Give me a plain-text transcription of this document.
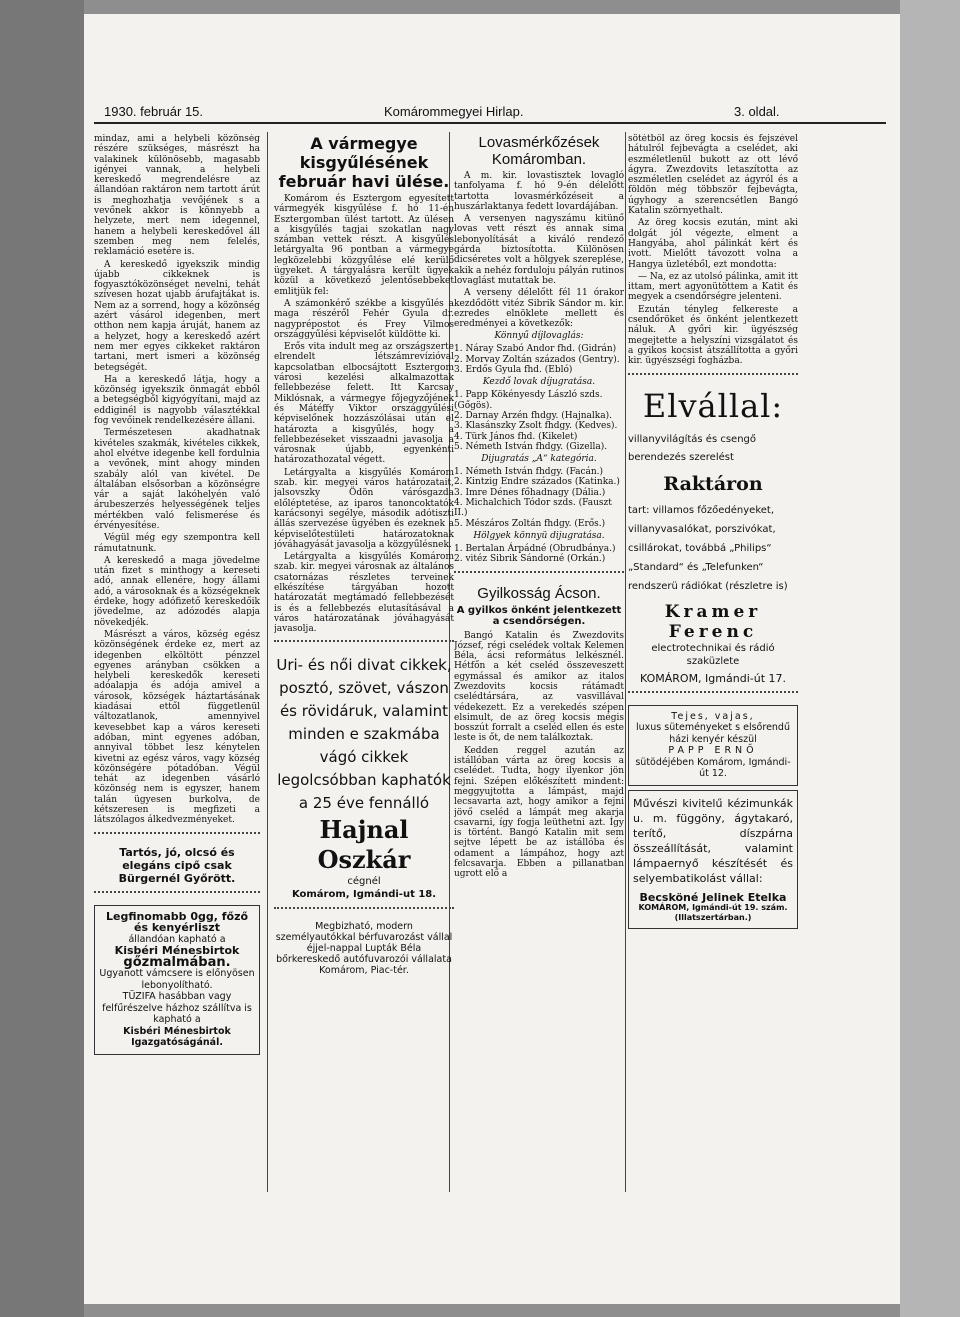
1930. február 15.	Komárommegyei Hirlap.	3. oldal.

mindaz, ami a helybeli közönség részére szükséges, másrészt ha valakinek különösebb, magasabb igényei vannak, a helybeli kereskedő megrendelésre az állandóan raktáron nem tartott árút is meghozhatja vevőjének s a vevőnek akkor is könnyebb a helyzete, mert nem idegennel, hanem a helybeli kereskedővel áll szemben meg nem felelés, reklamáció esetére is.

A kereskedő igyekszik mindig újabb cikkeknek is fogyasztóközönséget nevelni, tehát szívesen hozat ujabb árufajtákat is. Nem az a sorrend, hogy a közönség azért vásárol idegenben, mert otthon nem kapja áruját, hanem az a helyzet, hogy a kereskedő azért nem mer egyes cikkeket raktáron tartani, mert ismeri a közönség betegségét.

Ha a kereskedő látja, hogy a közönség igyekszik önmagát ebből a betegségből kigyógyítani, majd az eddiginél is nagyobb választékkal fog vevőinek rendelkezésére állani.

Természetesen akadhatnak kivételes szakmák, kivételes cikkek, ahol elvétve idegenbe kell fordulnia a vevőnek, mint ahogy minden szabály alól van kivétel. De általában elsősorban a közönségre vár a saját lakóhelyén való árubeszerzés helyességének teljes mértékben való felismerése és érvényesítése.

Végül még egy szempontra kell rámutatnunk.

A kereskedő a maga jövedelme után fizet s minthogy a kereseti adó, annak ellenére, hogy állami adó, a városoknak és a községeknek érdeke, hogy adófizető kereskedőik jövedelme, az adózodés alapja növekedjék.

Másrészt a város, község egész közönségének érdeke ez, mert az idegenben elköltött pénzzel egyenes arányban csökken a helybeli kereskedők kereseti adóalapja és adója amivel a városok, községek háztartásának kiadásai ettől függetlenül változatlanok, amennyivel kevesebbet kap a város kereseti adóban, mint egyenes adóban, annyival többet lesz kénytelen kivetni az egész város, vagy község közönségére pótadóban. Végül tehát az idegenben vásárló közönség nem is egyszer, hanem talán ügyesen burkolva, de kétszeresen is megfizeti a látszólagos álkedvezményeket.

Tartós, jó, olcsó és elegáns cipő csak Bürgernél Győrött.
Legfinomabb 0gg, főző és kenyérliszt
állandóan kapható a
Kisbéri Ménesbirtok
gőzmalmában.
Ugyanott vámcsere is előnyösen lebonyolítható.
TÜZIFA hasábban vagy felfűrészelve házhoz szállítva is kapható a
Kisbéri Ménesbirtok Igazgatóságánál.
A vármegye kisgyűlésének február havi ülése.

Komárom és Esztergom egyesített vármegyék kisgyűlése f. hó 11-én Esztergomban ülést tartott. Az ülésen a kisgyűlés tagjai szokatlan nagy számban vettek részt. A kisgyűlés letárgyalta 96 pontban a vármegye legközelebbi közgyűlése elé kerülő ügyeket. A tárgyalásra került ügyek közül a következő jelentősebbeket emlitjük fel:

A számonkérő székbe a kisgyűlés a maga részéről Fehér Gyula dr. nagyprépostot és Frey Vilmos országgyűlési képviselőt küldötte ki.

Erős vita indult meg az országszerte elrendelt létszámrevízióval kapcsolatban elbocsájtott Esztergom városi kezelési alkalmazottak fellebbezése felett. Itt Karcsay Miklósnak, a vármegye főjegyzőjének és Mátéffy Viktor országgyűlési képviselőnek hozzászólásai után el határozta a kisgyűlés, hogy a fellebbezéseket visszaadni javasolja a városnak újabb, egyenkénti határozathozatal végett.

Letárgyalta a kisgyűlés Komárom szab. kir. megyei város határozatait, jalsovszky Ödön várósgazda előléptetése, az iparos tanoncoktatók karácsonyi segélye, második adótiszti állás szervezése ügyében és ezeknek a képviselőtestületi határozatoknak jóváhagyását javasolja a közgyűlésnek.

Letárgyalta a kisgyűlés Komárom szab. kir. megyei városnak az általános csatornázas részletes terveinek elkészítése tárgyában hozott határozatát megtámadó fellebbezését is és a fellebbezés elutasításával a város határozatának jóváhagyását javasolja.

Uri- és női divat cikkek, posztó, szövet, vászon és rövidáruk, valamint minden e szakmába vágó cikkek legolcsóbban kaphatók a 25 éve fennálló
Hajnal Oszkár
cégnél
Komárom, Igmándi-ut 18.
Megbizható, modern személyautókkal bérfuvarozást vállal éjjel-nappal Lupták Béla bőrkereskedő autófuvarozói vállalata Komárom, Piac-tér.
Lovasmérkőzések Komáromban.

A m. kir. lovastisztek lovagló tanfolyama f. hó 9-én délelőtt tartotta lovasmérkőzéseit a huszárlaktanya fedett lovardájában.

A versenyen nagyszámu kitünő lovas vett részt és annak sima lebonyolítását a kiváló rendező gárda biztosította. Különösen dicséretes volt a hölgyek szereplése, akik a nehéz forduloju pályán rutinos lovaglást mutattak be.

A verseny délelőtt fél 11 órakor kezdődött vitéz Sibrik Sándor m. kir. ezredes elnöklete mellett és eredményei a következők:

Könnyű díjlovaglás:
1. Náray Szabó Andor fhd. (Gidrán)
2. Morvay Zoltán százados (Gentry).
3. Erdős Gyula fhd. (Ebló)
Kezdő lovak díjugratása.
1. Papp Kökényesdy László szds. (Gőgös).
2. Darnay Arzén fhdgy. (Hajnalka).
3. Klasánszky Zsolt fhdgy. (Kedves).
4. Türk János fhd. (Kikelet)
5. Németh István fhdgy. (Gizella).
Dijugratás „A“ kategória.
1. Németh István fhdgy. (Facán.)
2. Kintzig Endre százados (Katinka.)
3. Imre Dénes főhadnagy (Dália.)
4. Michalchich Tódor szds. (Fauszt II.)
5. Mészáros Zoltán fhdgy. (Erős.)
Hölgyek könnyü dijugratása.
1. Bertalan Árpádné (Obrudbánya.)
2. vitéz Sibrik Sándorné (Orkán.)
Gyilkosság Ácson.
A gyilkos önként jelentkezett a csendőrségen.

Bangó Katalin és Zwezdovits József, régi cselédek voltak Kelemen Béla, ácsi református lelkésznél. Hétfőn a két cseléd összeveszett egymással és amikor az italos Zwezdovits kocsis rátámadt cselédtársára, az vasvillával védekezett. Ez a verekedés szépen elsimult, de az öreg kocsis mégis bosszút forralt a cseléd ellen és este leste is őt, de nem találkoztak.

Kedden reggel azután az istállóban várta az öreg kocsis a cselédet. Tudta, hogy ilyenkor jön fejni. Szépen előkészített mindent: meggyujtotta a lámpást, majd lecsavarta azt, hogy amikor a fejni jövő cseléd a lámpát meg akarja csavarni, így fogja leüthetni azt. Így is történt. Bangó Katalin mit sem sejtve lépett be az istállóba és odament a lámpához, hogy azt felcsavarja. Ebben a pillanatban ugrott elő a

sötétből az öreg kocsis és fejszével hátulról fejbevágta a cselédet, aki eszméletlenül bukott az ott lévő ágyra. Zwezdovits letaszította az eszméletlen cselédet az ágyról és a földön még többször fejbevágta, úgyhogy a szerencsétlen Bangó Katalin szörnyethalt.

Az öreg kocsis ezután, mint aki dolgát jól végezte, elment a Hangyába, ahol pálinkát kért és ivott. Mielőtt távozott volna a Hangya üzletéből, ezt mondotta:

— Na, ez az utolsó pálinka, amit itt ittam, mert agyonütöttem a Katit és megyek a csendőrségre jelenteni.

Ezután tényleg felkereste a csendőröket és önként jelentkezett náluk. A győri kir. ügyészség megejtette a helyszíni vizsgálatot és a gyikos kocsist átszállította a győri kir. ügyészségi fogházba.

Elvállal:
villanyvilágítás és csengő berendezés szerelést
Raktáron
tart: villamos főzőedényeket, villanyvasalókat, porszivókat, csillárokat, továbbá „Philips“ „Standard“ és „Telefunken“ rendszerü rádiókat (részletre is)
Kramer Ferenc
electrotechnikai és rádió szaküzlete
KOMÁROM, Igmándi-út 17.
Tejes, vajas,
luxus süteményeket s elsőrendű házi kenyér készül
PAPP ERNŐ
sütödéjében Komárom, Igmándi-út 12.
Művészi kivitelű kézimunkák u. m. függöny, ágytakaró, terítő, díszpárna összeállítását, valamint lámpaernyő készítését és selyembatikolást vállal:
Becsköné Jelinek Etelka
KOMÁROM, Igmándi-út 19. szám. (Illatszertárban.)
